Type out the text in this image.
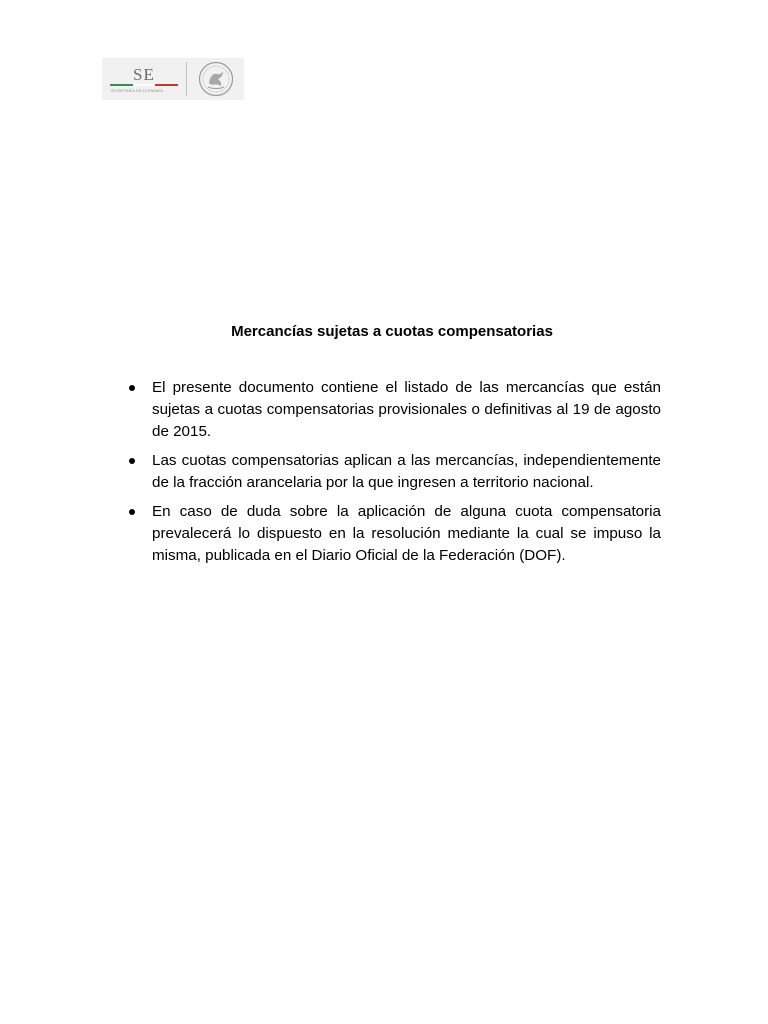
SE
SECRETARÍA DE ECONOMÍA
Mercancías sujetas a cuotas compensatorias
El presente documento contiene el listado de las mercancías que están sujetas a cuotas compensatorias provisionales o definitivas al 19 de agosto de 2015.
Las cuotas compensatorias aplican a las mercancías, independientemente de la fracción arancelaria por la que ingresen a territorio nacional.
En caso de duda sobre la aplicación de alguna cuota compensatoria prevalecerá lo dispuesto en la resolución mediante la cual se impuso la misma, publicada en el Diario Oficial de la Federación (DOF).
